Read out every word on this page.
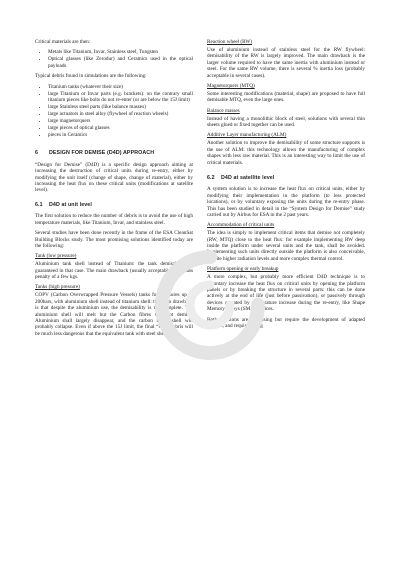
Critical materials are then:

• Metals like Titanium, Invar, Stainless steel, Tungsten
• Optical glasses (like Zerodur) and Ceramics used in the optical payloads

Typical debris found in simulations are the following:

• Titanium tanks (whatever their size)
• large Titanium or Invar parts (e.g. brackets): on the contrary small titanium pieces like bolts do not re-enter (or are below the 15J limit)
• large Stainless steel parts (like balance masses)
• large actuators in steel alloy (flywheel of reaction wheels)
• large magnetorquers
• large pieces of optical glasses
• pieces in Ceramics
6 DESIGN FOR DEMISE (D4D) APPROACH

“Design for Demise” (D4D) is a specific design approach aiming at increasing the destruction of critical units during re-entry, either by modifying the unit itself (change of shape, change of material), either by increasing the heat flux on these critical units (modifications at satellite level).

6.1 D4D at unit level

The first solution to reduce the number of debris is to avoid the use of high temperature materials, like Titanium, Invar, and stainless steel.

Several studies have been done recently in the frame of the ESA CleanSat Building Blocks study. The most promising solutions identified today are the following:

Tank (low pressure)

Aluminium tank shell instead of Titanium: the tank demisability is guaranteed in that case. The main drawback (usually acceptable) is a mass penalty of a few kgs.

Tanks (high pressure)

COPV (Carbon Overwrapped Pressure Vessels) tanks for pressures up to 200bars, with aluminium shell instead of titanium shell: the main drawback is that despite the aluminium use, the demisability is not complete. The aluminium shell will melt but the Carbon fibres will not demise. Aluminium shall largely disappear, and the carbon fibres shell will probably collapse. Even if above the 15J limit, the final “soft” debris will be much less dangerous that the equivalent tank with steel shell.

Reaction wheel (RW)

Use of aluminium instead of stainless steel for the RW flywheel: demisability of the RW is largely improved. The main drawback is the larger volume required to have the same inertia with aluminium instead or steel. For the same RW volume, there is several % inertia loss (probably acceptable in several cases).

Magnetorquers (MTQ)

Some interesting modifications (material, shape) are proposed to have full demisable MTQ, even the large ones.

Balance masses

Instead of having a monolithic block of steel, solutions with several thin sheets glued or fixed together can be used.

Additive Layer manufacturing (ALM)

Another solution to improve the demisability of some structure supports is the use of ALM: this technology allows the manufacturing of complex shapes with less raw material. This is an interesting way to limit the use of critical materials.

6.2 D4D at satellite level

A system solution is to increase the heat flux on critical units, either by modifying their implementation in the platform (to less protected locations), or by voluntary exposing the units during the re-entry phase. This has been studied in detail in the “System Design for Demise” study carried out by Airbus for ESA in the 2 past years.

Accommodation of critical units

The idea is simply to implement critical items that demise not completely (RW, MTQ) close to the heat flux: for example implementing RW deep inside the platform under several units and the tank, shall be avoided. Implementing such units directly outside the platform is also conceivable, despite higher radiation levels and more complex thermal control.

Platform opening or early breakup

A more complex, but probably more efficient D4D technique is to voluntary increase the heat flux on critical units by opening the platform panels or by breaking the structure in several parts: this can be done actively at the end of life (just before passivation), or passively through devices actuated by temperature increase during the re-entry, like Shape Memory Alloys (SMA) devices.

Both solutions are promising but require the development of adapted devices, and require strong
